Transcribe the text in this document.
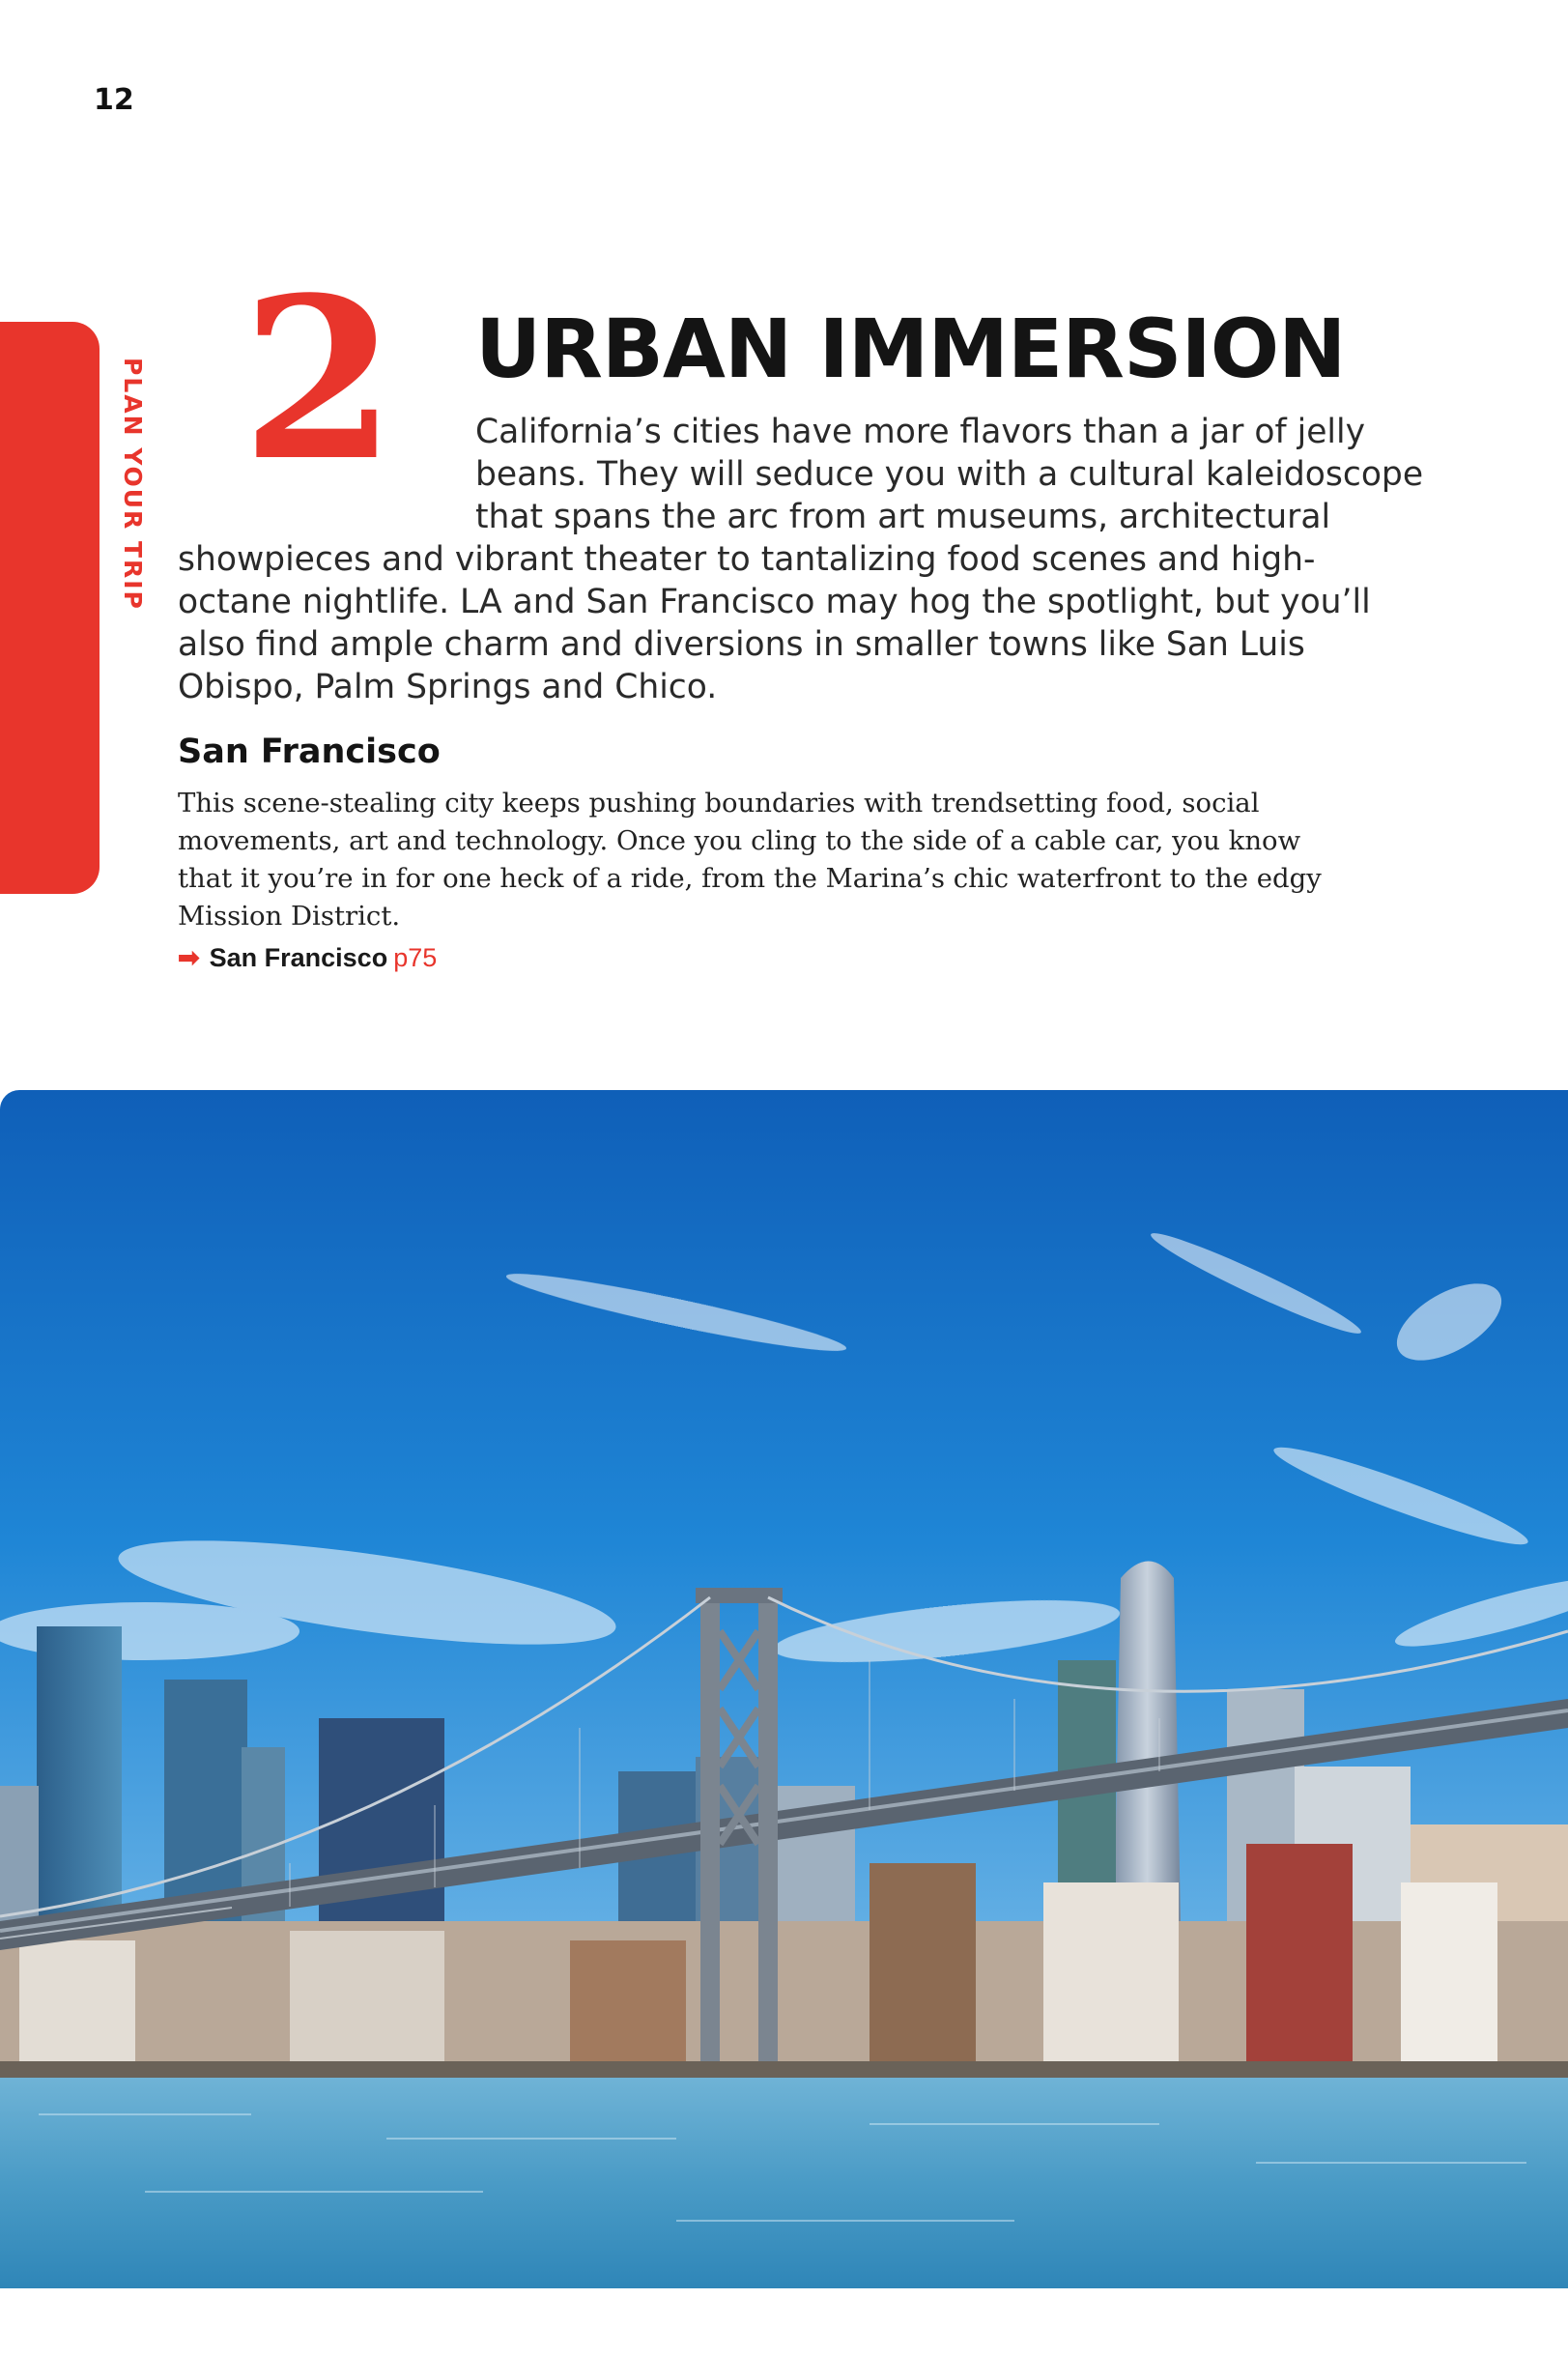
12
PLAN YOUR TRIP 2 URBAN IMMERSION

California’s cities have more flavors than a jar of jelly beans. They will seduce you with a cultural kaleidoscope that spans the arc from art museums, architectural showpieces and vibrant theater to tantalizing food scenes and high-octane nightlife. LA and San Francisco may hog the spotlight, but you’ll also find ample charm and diversions in smaller towns like San Luis Obispo, Palm Springs and Chico.

San Francisco

This scene-stealing city keeps pushing boundaries with trendsetting food, social movements, art and technology. Once you cling to the side of a cable car, you know that it you’re in for one heck of a ride, from the Marina’s chic waterfront to the edgy Mission District.

➡ San Francisco p75
